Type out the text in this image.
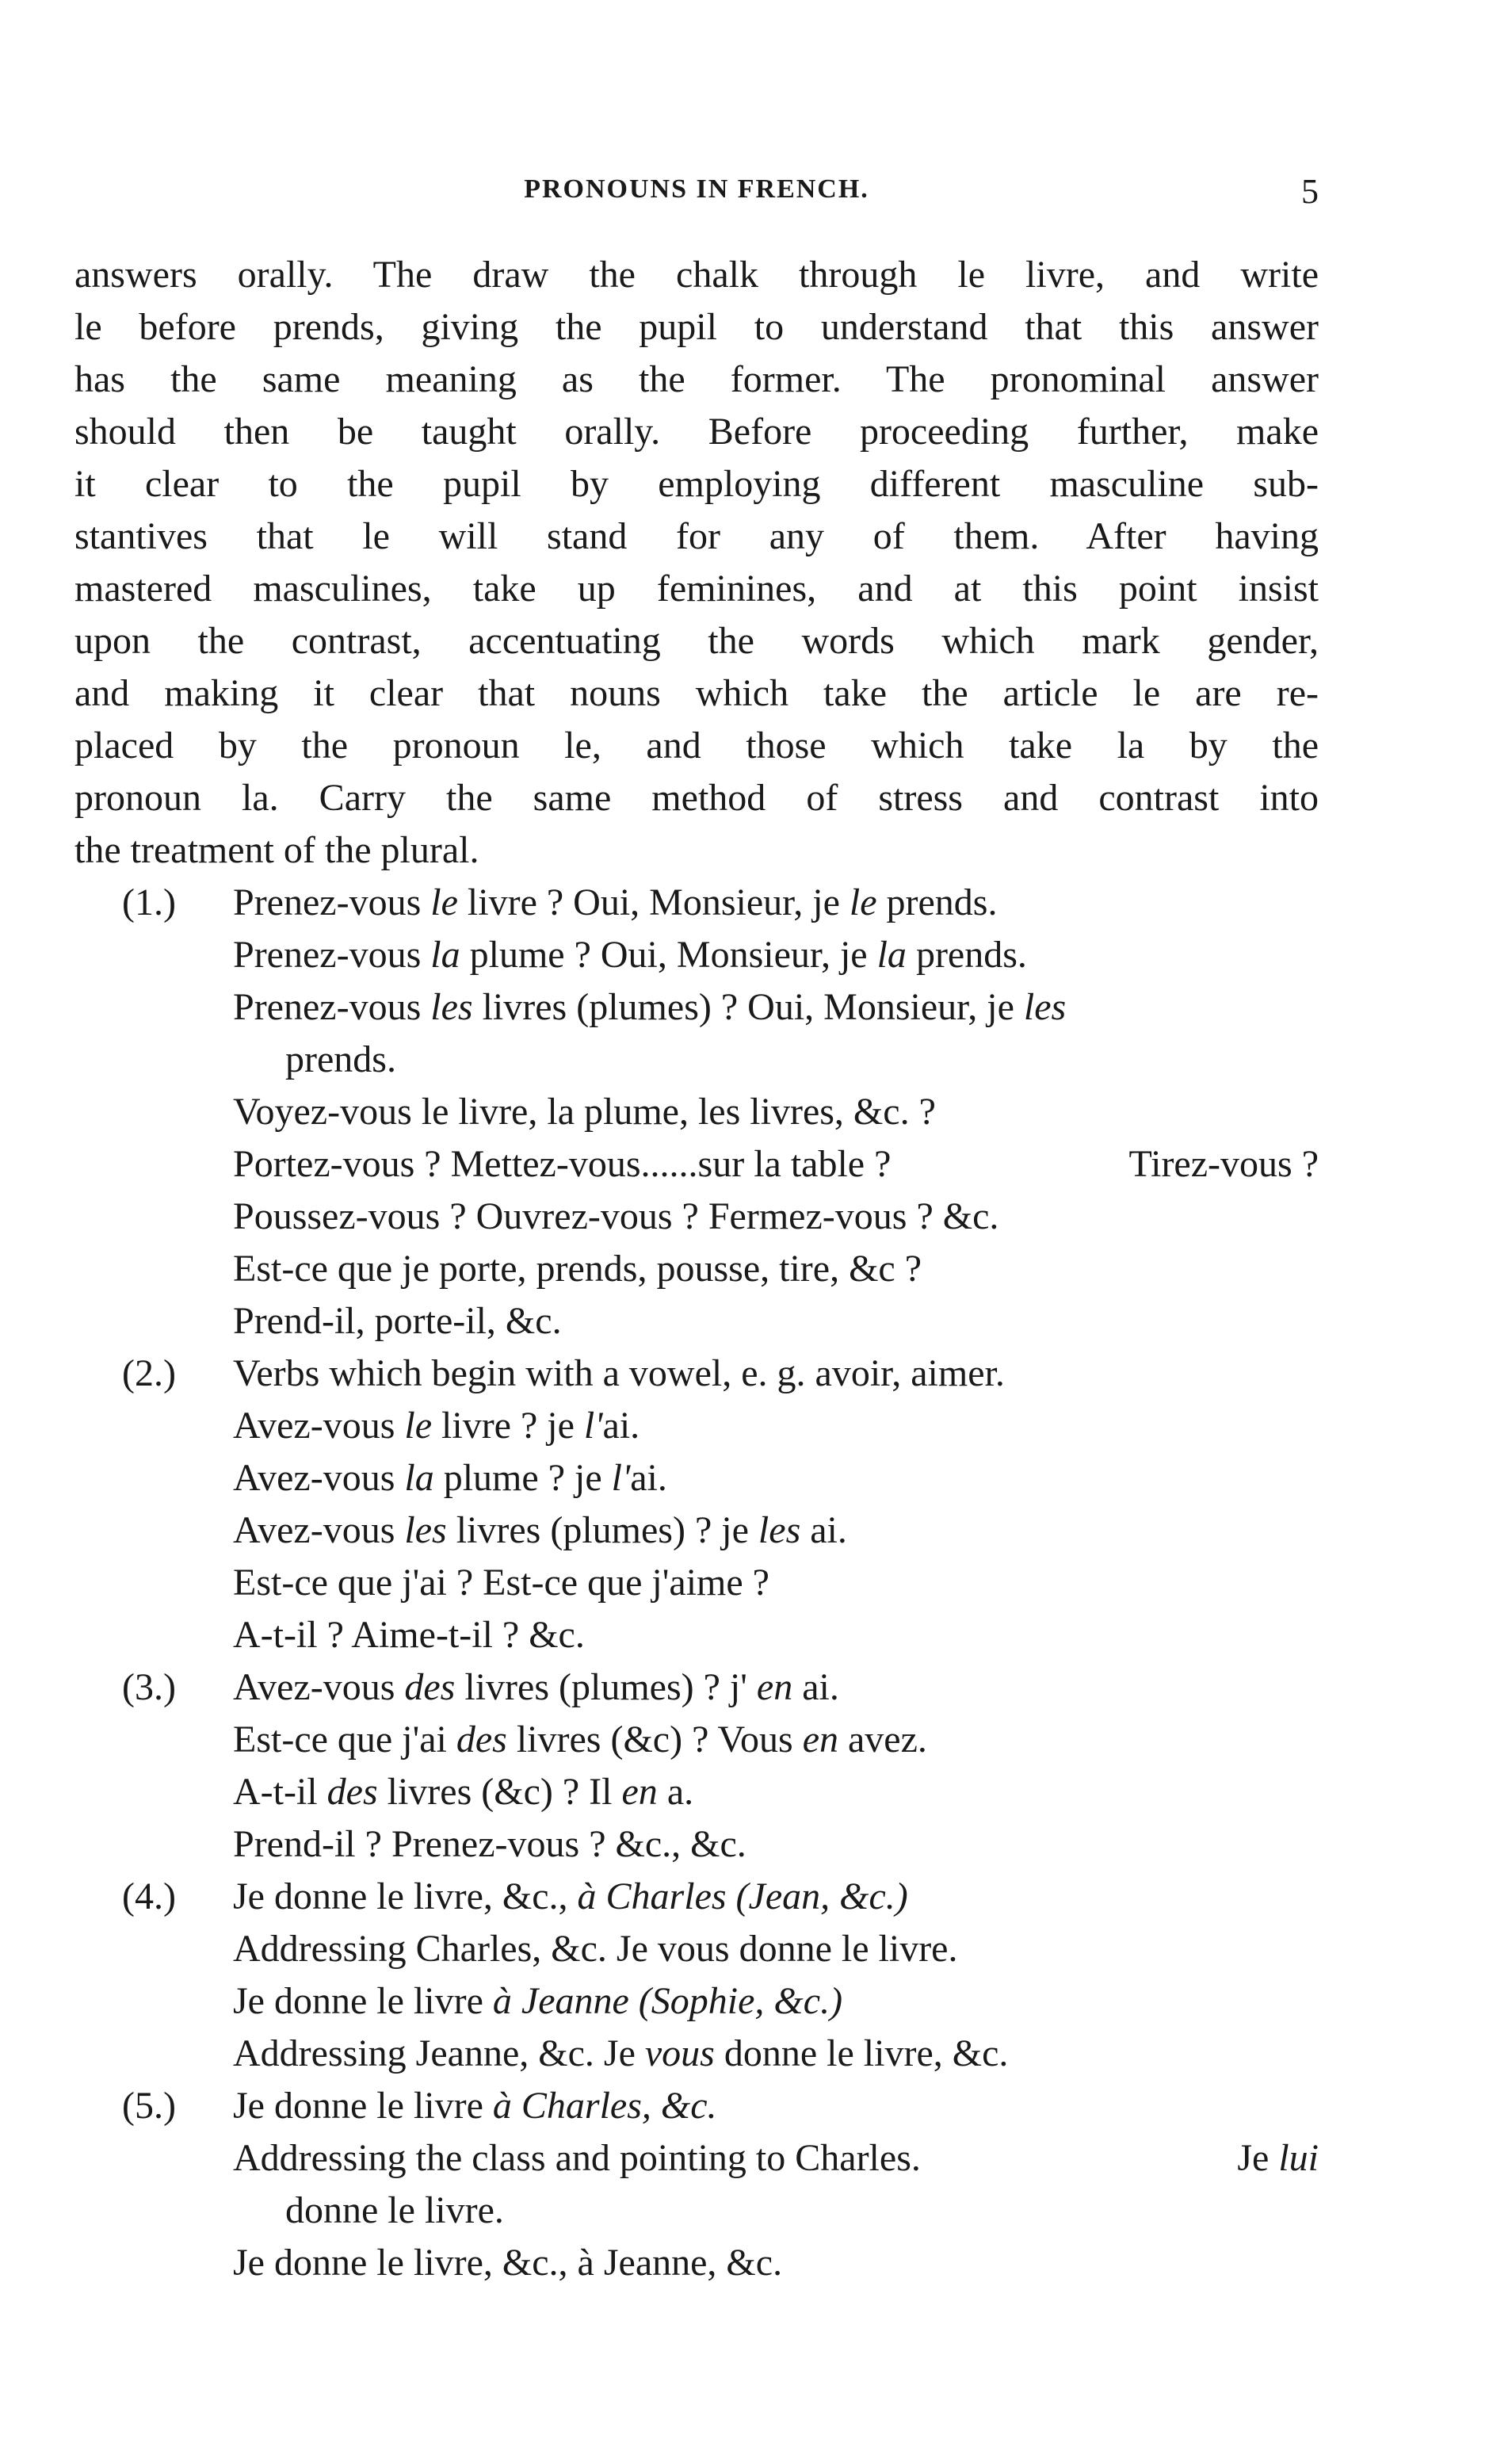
PRONOUNS IN FRENCH.	5

answers orally. The draw the chalk through le livre, and write
le before prends, giving the pupil to understand that this answer
has the same meaning as the former. The pronominal answer
should then be taught orally. Before proceeding further, make
it clear to the pupil by employing different masculine sub-
stantives that le will stand for any of them. After having
mastered masculines, take up feminines, and at this point insist
upon the contrast, accentuating the words which mark gender,
and making it clear that nouns which take the article le are re-
placed by the pronoun le, and those which take la by the
pronoun la. Carry the same method of stress and contrast into
the treatment of the plural.

(1.) Prenez-vous le livre ? Oui, Monsieur, je le prends.
Prenez-vous la plume ? Oui, Monsieur, je la prends.
Prenez-vous les livres (plumes) ? Oui, Monsieur, je les
prends.
Voyez-vous le livre, la plume, les livres, &c. ?
Portez-vous ? Mettez-vous......sur la table ?	Tirez-vous ?
Poussez-vous ? Ouvrez-vous ? Fermez-vous ? &c.
Est-ce que je porte, prends, pousse, tire, &c ?
Prend-il, porte-il, &c.
(2.) Verbs which begin with a vowel, e. g. avoir, aimer.
Avez-vous le livre ? je l'ai.
Avez-vous la plume ? je l'ai.
Avez-vous les livres (plumes) ? je les ai.
Est-ce que j'ai ? Est-ce que j'aime ?
A-t-il ? Aime-t-il ? &c.
(3.) Avez-vous des livres (plumes) ? j' en ai.
Est-ce que j'ai des livres (&c) ? Vous en avez.
A-t-il des livres (&c) ? Il en a.
Prend-il ? Prenez-vous ? &c., &c.
(4.) Je donne le livre, &c., à Charles (Jean, &c.)
Addressing Charles, &c. Je vous donne le livre.
Je donne le livre à Jeanne (Sophie, &c.)
Addressing Jeanne, &c. Je vous donne le livre, &c.
(5.) Je donne le livre à Charles, &c.
Addressing the class and pointing to Charles.	Je lui
donne le livre.
Je donne le livre, &c., à Jeanne, &c.
